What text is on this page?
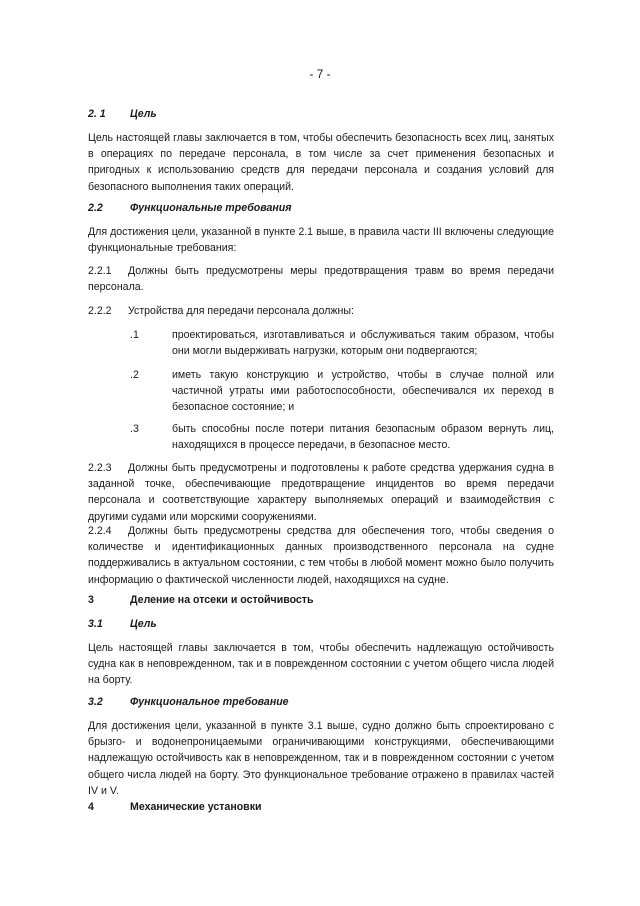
- 7 -
2. 1 Цель
Цель настоящей главы заключается в том, чтобы обеспечить безопасность всех лиц, занятых в операциях по передаче персонала, в том числе за счет применения безопасных и пригодных к использованию средств для передачи персонала и создания условий для безопасного выполнения таких операций.
2.2	Функциональные требования
Для достижения цели, указанной в пункте 2.1 выше, в правила части III включены следующие функциональные требования:
2.2.1 Должны быть предусмотрены меры предотвращения травм во время передачи персонала.
2.2.2 Устройства для передачи персонала должны:
.1	проектироваться, изготавливаться и обслуживаться таким образом, чтобы они могли выдерживать нагрузки, которым они подвергаются;
.2	иметь такую конструкцию и устройство, чтобы в случае полной или частичной утраты ими работоспособности, обеспечивался их переход в безопасное состояние; и
.3	быть способны после потери питания безопасным образом вернуть лиц, находящихся в процессе передачи, в безопасное место.
2.2.3 Должны быть предусмотрены и подготовлены к работе средства удержания судна в заданной точке, обеспечивающие предотвращение инцидентов во время передачи персонала и соответствующие характеру выполняемых операций и взаимодействия с другими судами или морскими сооружениями.
2.2.4 Должны быть предусмотрены средства для обеспечения того, чтобы сведения о количестве и идентификационных данных производственного персонала на судне поддерживались в актуальном состоянии, с тем чтобы в любой момент можно было получить информацию о фактической численности людей, находящихся на судне.
3	Деление на отсеки и остойчивость
3.1	Цель
Цель настоящей главы заключается в том, чтобы обеспечить надлежащую остойчивость судна как в неповрежденном, так и в поврежденном состоянии с учетом общего числа людей на борту.
3.2	Функциональное требование
Для достижения цели, указанной в пункте 3.1 выше, судно должно быть спроектировано с брызго- и водонепроницаемыми ограничивающими конструкциями, обеспечивающими надлежащую остойчивость как в неповрежденном, так и в поврежденном состоянии с учетом общего числа людей на борту. Это функциональное требование отражено в правилах частей IV и V.
4	Механические установки
